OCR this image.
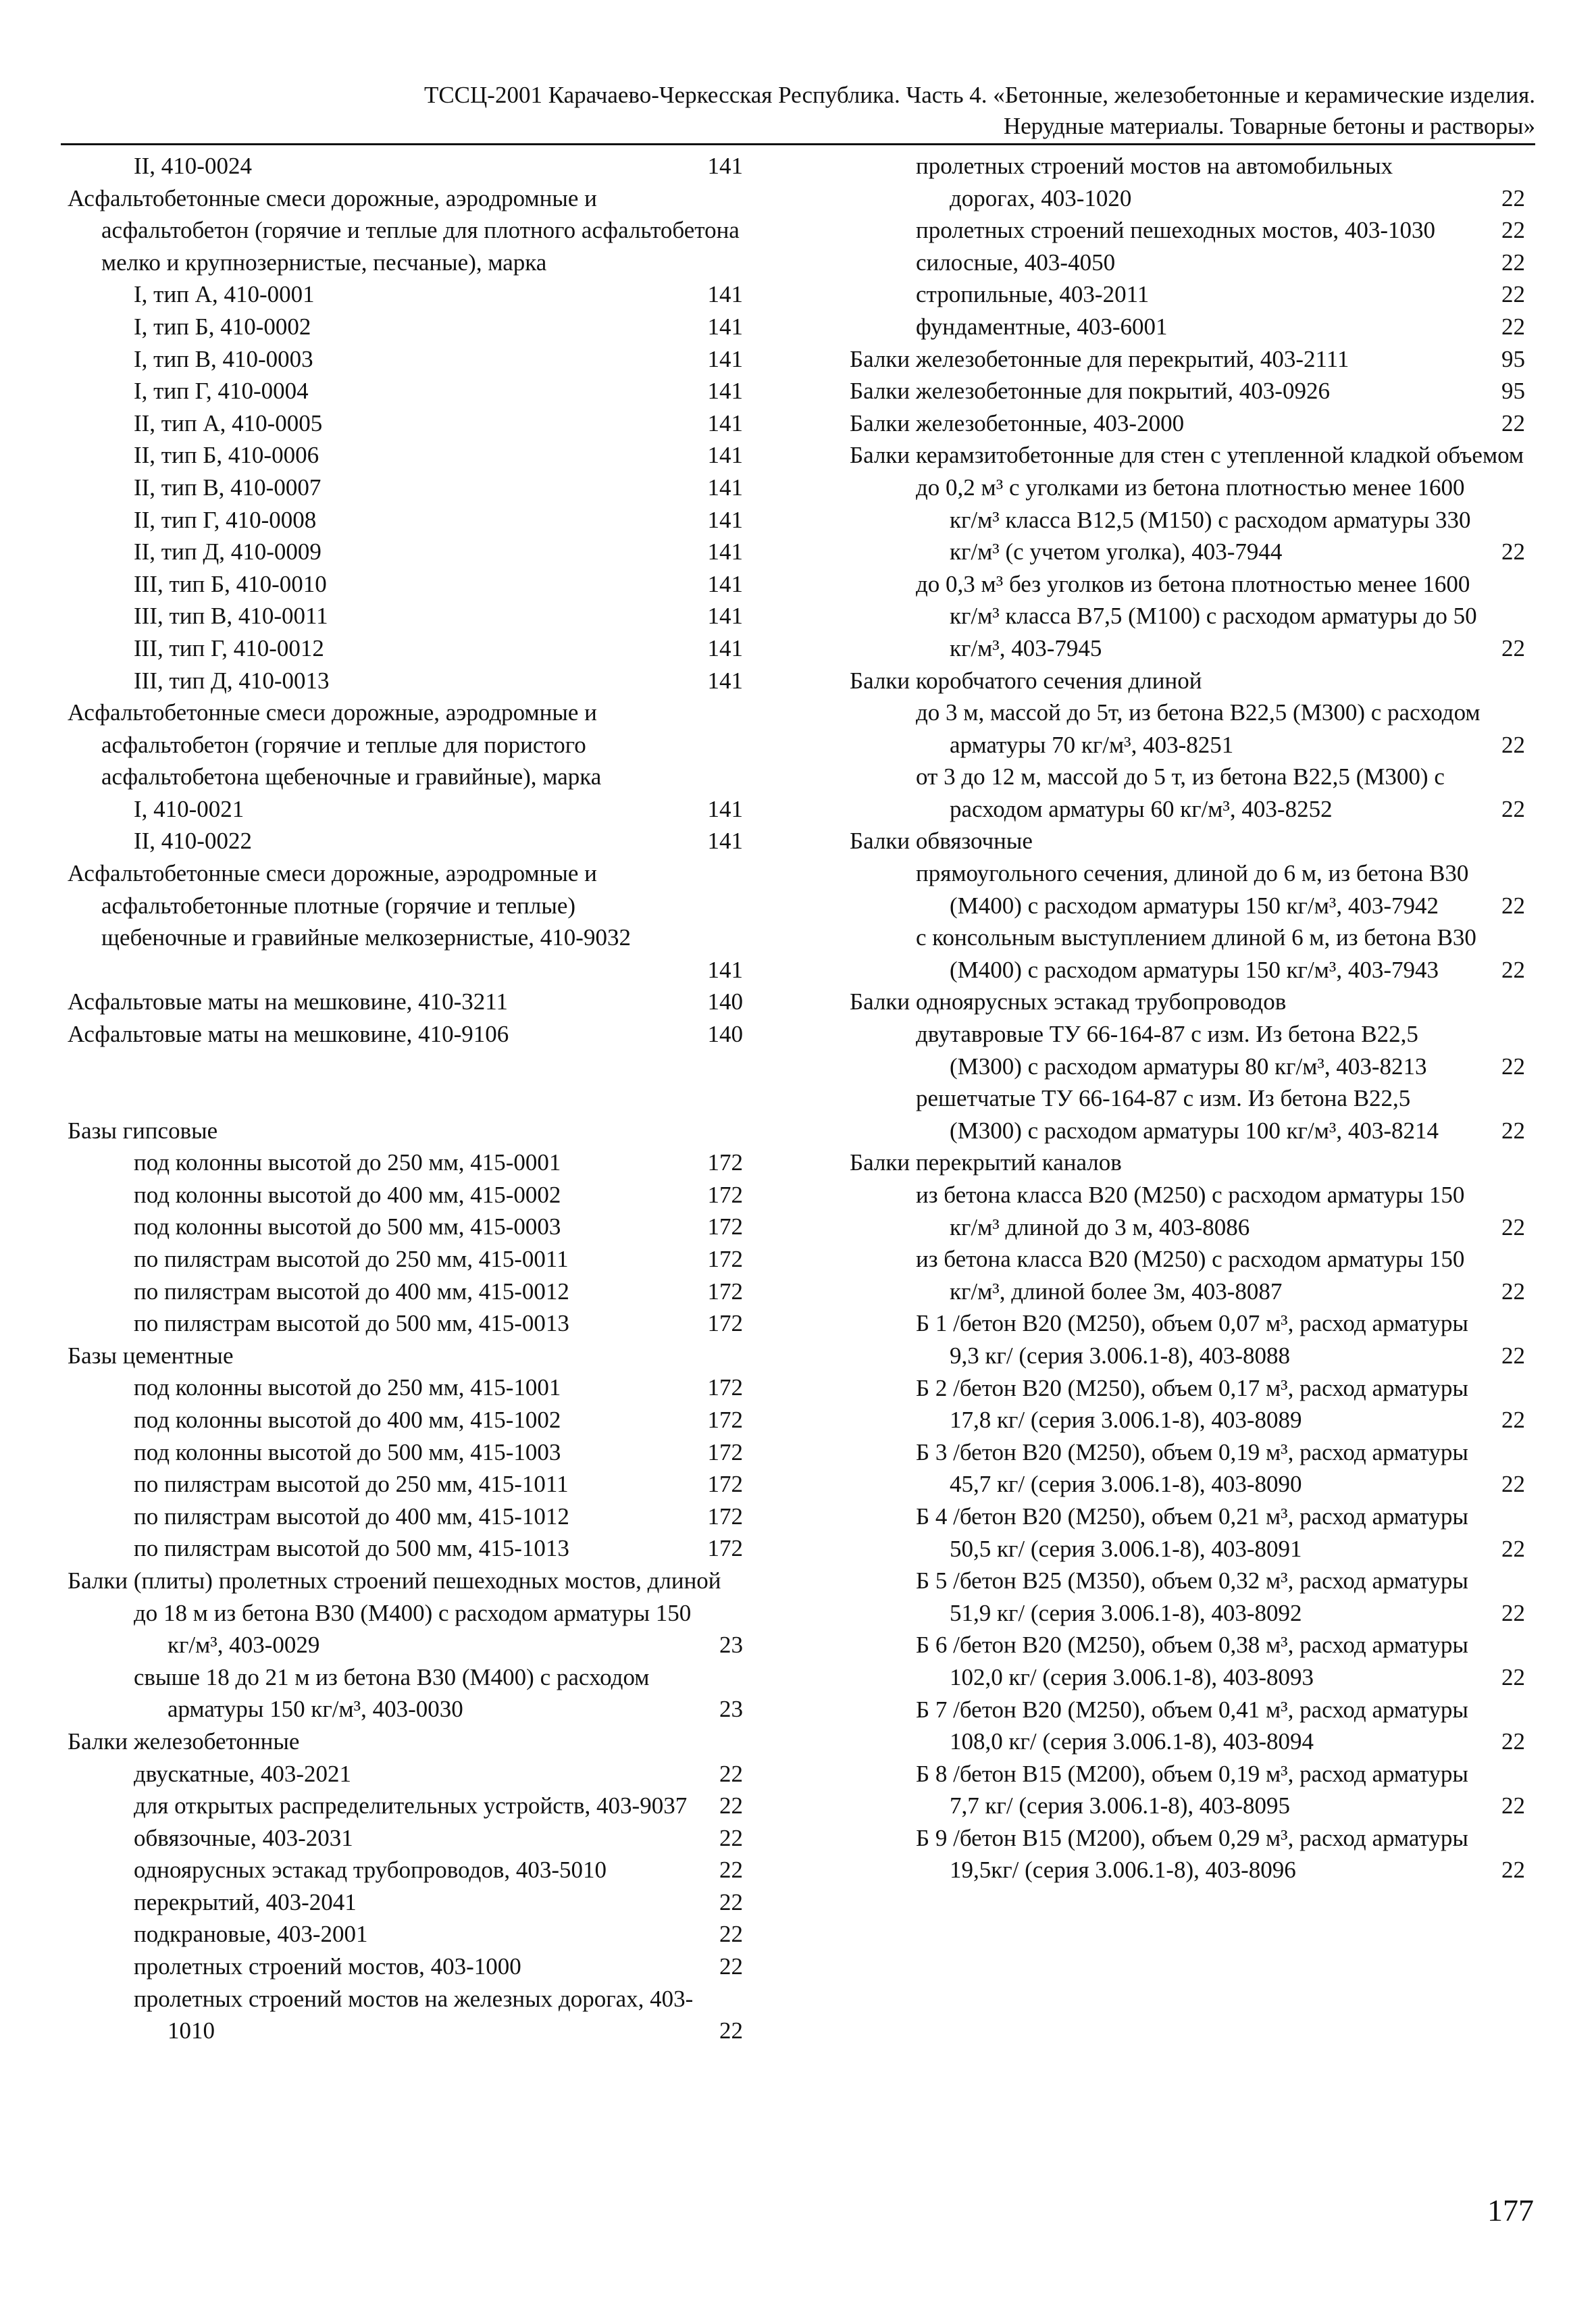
ТССЦ-2001 Карачаево-Черкесская Республика. Часть 4. «Бетонные, железобетонные и керамические изделия.
Нерудные материалы. Товарные бетоны и растворы»
II, 410-0024	141
Асфальтобетонные смеси дорожные, аэродромные и асфальтобетон (горячие и теплые для плотного асфальтобетона мелко и крупнозернистые, песчаные), марка
I, тип А, 410-0001	141
I, тип Б, 410-0002	141
I, тип В, 410-0003	141
I, тип Г, 410-0004	141
II, тип А, 410-0005	141
II, тип Б, 410-0006	141
II, тип В, 410-0007	141
II, тип Г, 410-0008	141
II, тип Д, 410-0009	141
III, тип Б, 410-0010	141
III, тип В, 410-0011	141
III, тип Г, 410-0012	141
III, тип Д, 410-0013	141
Асфальтобетонные смеси дорожные, аэродромные и асфальтобетон (горячие и теплые для пористого асфальтобетона щебеночные и гравийные), марка
I, 410-0021	141
II, 410-0022	141
Асфальтобетонные смеси дорожные, аэродромные и асфальтобетонные плотные (горячие и теплые) щебеночные и гравийные мелкозернистые, 410-9032
141
Асфальтовые маты на мешковине, 410-3211	140
Асфальтовые маты на мешковине, 410-9106	140
Базы гипсовые
под колонны высотой до 250 мм, 415-0001	172
под колонны высотой до 400 мм, 415-0002	172
под колонны высотой до 500 мм, 415-0003	172
по пилястрам высотой до 250 мм, 415-0011	172
по пилястрам высотой до 400 мм, 415-0012	172
по пилястрам высотой до 500 мм, 415-0013	172
Базы цементные
под колонны высотой до 250 мм, 415-1001	172
под колонны высотой до 400 мм, 415-1002	172
под колонны высотой до 500 мм, 415-1003	172
по пилястрам высотой до 250 мм, 415-1011	172
по пилястрам высотой до 400 мм, 415-1012	172
по пилястрам высотой до 500 мм, 415-1013	172
Балки (плиты) пролетных строений пешеходных мостов, длиной
до 18 м из бетона В30 (М400) с расходом арматуры 150 кг/м³, 403-0029	23
свыше 18 до 21 м из бетона В30 (М400) с расходом арматуры 150 кг/м³, 403-0030	23
Балки железобетонные
двускатные, 403-2021	22
для открытых распределительных устройств, 403-9037	22
обвязочные, 403-2031	22
одноярусных эстакад трубопроводов, 403-5010	22
перекрытий, 403-2041	22
подкрановые, 403-2001	22
пролетных строений мостов, 403-1000	22
пролетных строений мостов на железных дорогах, 403-1010	22
пролетных строений мостов на автомобильных дорогах, 403-1020	22
пролетных строений пешеходных мостов, 403-1030	22
силосные, 403-4050	22
стропильные, 403-2011	22
фундаментные, 403-6001	22
Балки железобетонные для перекрытий, 403-2111	95
Балки железобетонные для покрытий, 403-0926	95
Балки железобетонные, 403-2000	22
Балки керамзитобетонные для стен с утепленной кладкой объемом
до 0,2 м³ с уголками из бетона плотностью менее 1600 кг/м³ класса В12,5 (М150) с расходом арматуры 330 кг/м³ (с учетом уголка), 403-7944	22
до 0,3 м³ без уголков из бетона плотностью менее 1600 кг/м³ класса В7,5 (М100) с расходом арматуры до 50 кг/м³, 403-7945	22
Балки коробчатого сечения длиной
до 3 м, массой до 5т, из бетона В22,5 (М300) с расходом арматуры 70 кг/м³, 403-8251	22
от 3 до 12 м, массой до 5 т, из бетона В22,5 (М300) с расходом арматуры 60 кг/м³, 403-8252	22
Балки обвязочные
прямоугольного сечения, длиной до 6 м, из бетона В30 (М400) с расходом арматуры 150 кг/м³, 403-7942	22
с консольным выступлением длиной 6 м, из бетона В30 (М400) с расходом арматуры 150 кг/м³, 403-7943	22
Балки одноярусных эстакад трубопроводов
двутавровые ТУ 66-164-87 с изм. Из бетона В22,5 (М300) с расходом арматуры 80 кг/м³, 403-8213	22
решетчатые ТУ 66-164-87 с изм. Из бетона В22,5 (М300) с расходом арматуры 100 кг/м³, 403-8214	22
Балки перекрытий каналов
из бетона класса В20 (М250) с расходом арматуры 150 кг/м³ длиной до 3 м, 403-8086	22
из бетона класса В20 (М250) с расходом арматуры 150 кг/м³, длиной более 3м, 403-8087	22
Б 1 /бетон В20 (М250), объем 0,07 м³, расход арматуры 9,3 кг/ (серия 3.006.1-8), 403-8088	22
Б 2 /бетон В20 (М250), объем 0,17 м³, расход арматуры 17,8 кг/ (серия 3.006.1-8), 403-8089	22
Б 3 /бетон В20 (М250), объем 0,19 м³, расход арматуры 45,7 кг/ (серия 3.006.1-8), 403-8090	22
Б 4 /бетон В20 (М250), объем 0,21 м³, расход арматуры 50,5 кг/ (серия 3.006.1-8), 403-8091	22
Б 5 /бетон В25 (М350), объем 0,32 м³, расход арматуры 51,9 кг/ (серия 3.006.1-8), 403-8092	22
Б 6 /бетон В20 (М250), объем 0,38 м³, расход арматуры 102,0 кг/ (серия 3.006.1-8), 403-8093	22
Б 7 /бетон В20 (М250), объем 0,41 м³, расход арматуры 108,0 кг/ (серия 3.006.1-8), 403-8094	22
Б 8 /бетон В15 (М200), объем 0,19 м³, расход арматуры 7,7 кг/ (серия 3.006.1-8), 403-8095	22
Б 9 /бетон В15 (М200), объем 0,29 м³, расход арматуры 19,5кг/ (серия 3.006.1-8), 403-8096	22
177
